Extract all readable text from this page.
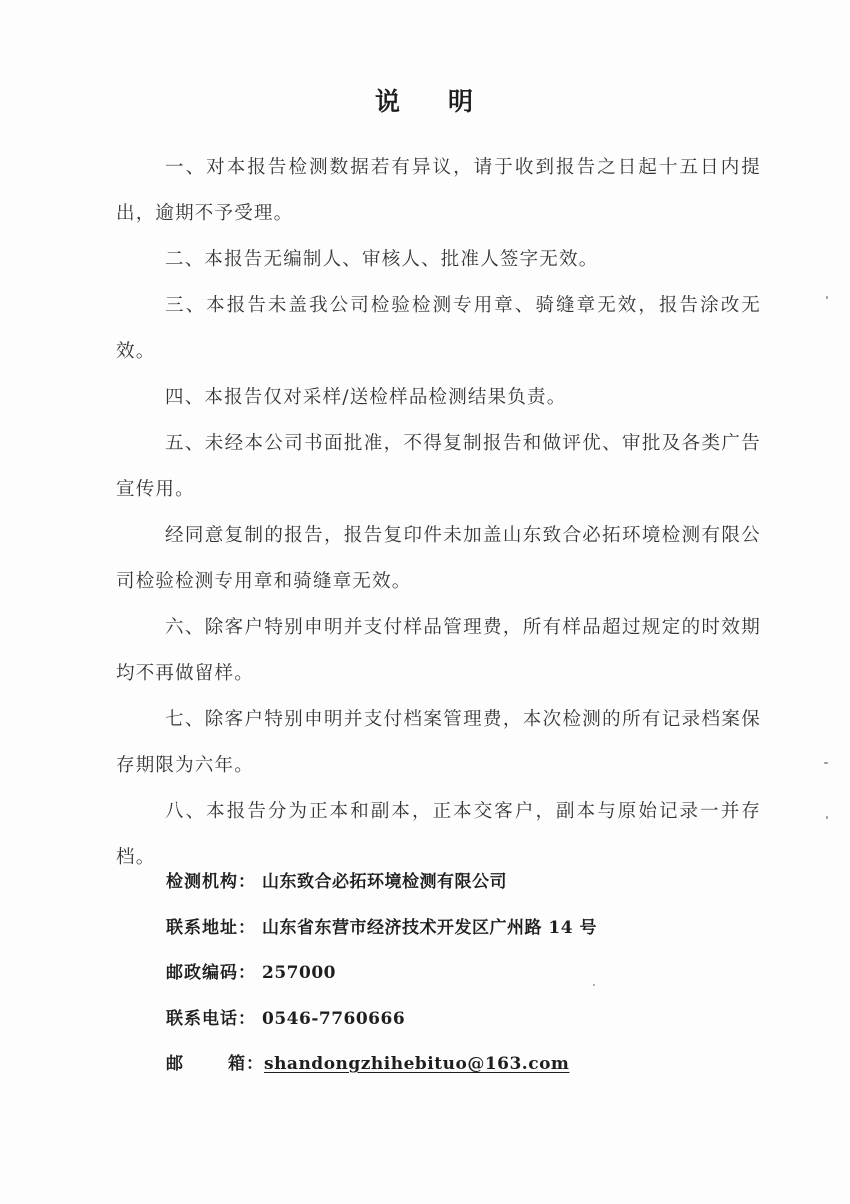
说 明

一、对本报告检测数据若有异议，请于收到报告之日起十五日内提出，逾期不予受理。

二、本报告无编制人、审核人、批准人签字无效。

三、本报告未盖我公司检验检测专用章、骑缝章无效，报告涂改无效。

四、本报告仅对采样/送检样品检测结果负责。

五、未经本公司书面批准，不得复制报告和做评优、审批及各类广告宣传用。

经同意复制的报告，报告复印件未加盖山东致合必拓环境检测有限公司检验检测专用章和骑缝章无效。

六、除客户特别申明并支付样品管理费，所有样品超过规定的时效期均不再做留样。

七、除客户特别申明并支付档案管理费，本次检测的所有记录档案保存期限为六年。

八、本报告分为正本和副本，正本交客户，副本与原始记录一并存档。

检测机构： 山东致合必拓环境检测有限公司
联系地址： 山东省东营市经济技术开发区广州路 14 号
邮政编码： 257000
联系电话： 0546-7760666
邮	箱：shandongzhihebituo@163.com
